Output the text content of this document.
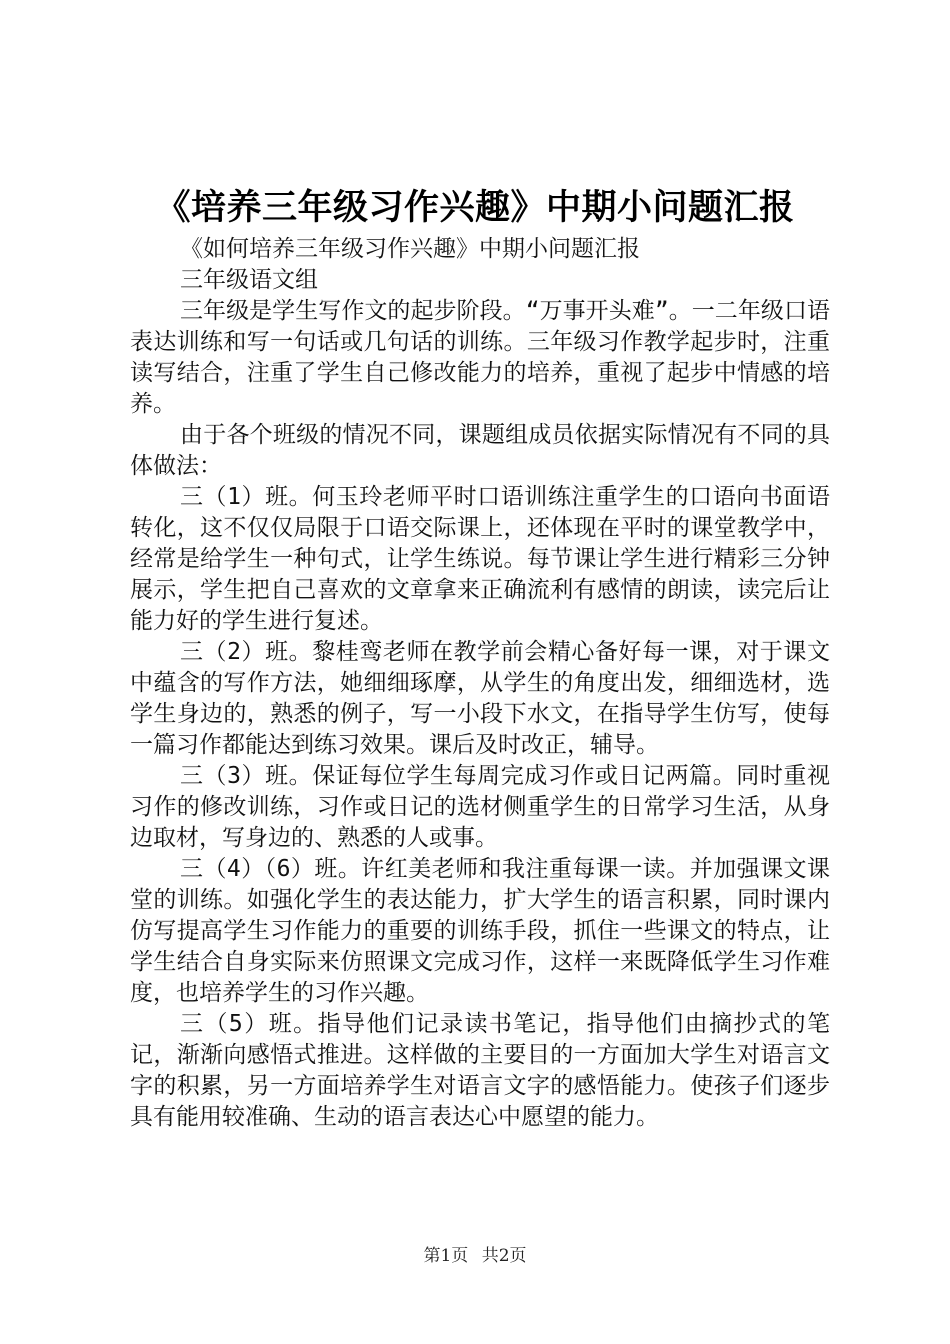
《培养三年级习作兴趣》中期小问题汇报

《如何培养三年级习作兴趣》中期小问题汇报

三年级语文组

三年级是学生写作文的起步阶段。“万事开头难”。一二年级口语表达训练和写一句话或几句话的训练。三年级习作教学起步时，注重读写结合，注重了学生自己修改能力的培养，重视了起步中情感的培养。

由于各个班级的情况不同，课题组成员依据实际情况有不同的具体做法：

三（1）班。何玉玲老师平时口语训练注重学生的口语向书面语转化，这不仅仅局限于口语交际课上，还体现在平时的课堂教学中，经常是给学生一种句式，让学生练说。每节课让学生进行精彩三分钟展示，学生把自己喜欢的文章拿来正确流利有感情的朗读，读完后让能力好的学生进行复述。

三（2）班。黎桂鸾老师在教学前会精心备好每一课，对于课文中蕴含的写作方法，她细细琢摩，从学生的角度出发，细细选材，选学生身边的，熟悉的例子，写一小段下水文，在指导学生仿写，使每一篇习作都能达到练习效果。课后及时改正，辅导。

三（3）班。保证每位学生每周完成习作或日记两篇。同时重视习作的修改训练，习作或日记的选材侧重学生的日常学习生活，从身边取材，写身边的、熟悉的人或事。

三（4）（6）班。许红美老师和我注重每课一读。并加强课文课堂的训练。如强化学生的表达能力，扩大学生的语言积累，同时课内仿写提高学生习作能力的重要的训练手段，抓住一些课文的特点，让学生结合自身实际来仿照课文完成习作，这样一来既降低学生习作难度，也培养学生的习作兴趣。

三（5）班。指导他们记录读书笔记，指导他们由摘抄式的笔记，渐渐向感悟式推进。这样做的主要目的一方面加大学生对语言文字的积累，另一方面培养学生对语言文字的感悟能力。使孩子们逐步具有能用较准确、生动的语言表达心中愿望的能力。

第1页 共2页
